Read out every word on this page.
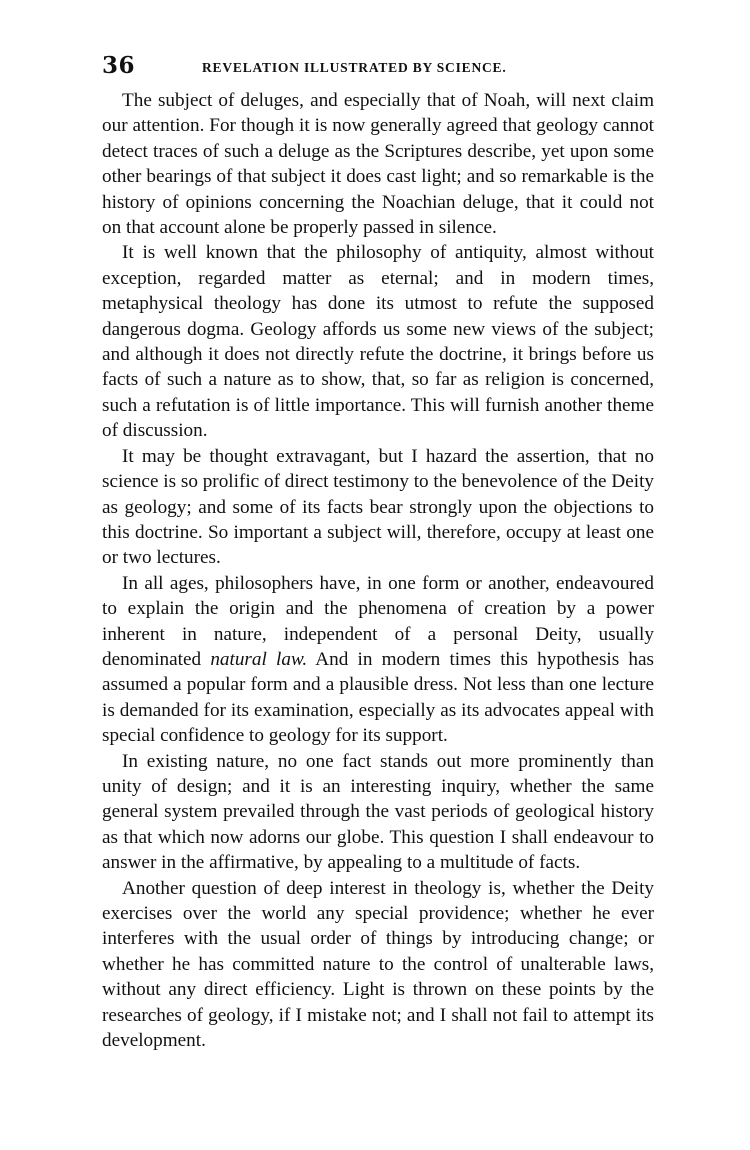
36	REVELATION ILLUSTRATED BY SCIENCE.

The subject of deluges, and especially that of Noah, will next claim our attention. For though it is now generally agreed that geology cannot detect traces of such a deluge as the Scriptures describe, yet upon some other bearings of that subject it does cast light; and so remarkable is the history of opinions concerning the Noachian deluge, that it could not on that account alone be properly passed in silence.

It is well known that the philosophy of antiquity, almost without exception, regarded matter as eternal; and in modern times, metaphysical theology has done its utmost to refute the supposed dangerous dogma. Geology affords us some new views of the subject; and although it does not directly refute the doctrine, it brings before us facts of such a nature as to show, that, so far as religion is concerned, such a refutation is of little importance. This will furnish another theme of discussion.

It may be thought extravagant, but I hazard the assertion, that no science is so prolific of direct testimony to the benevolence of the Deity as geology; and some of its facts bear strongly upon the objections to this doctrine. So important a subject will, therefore, occupy at least one or two lectures.

In all ages, philosophers have, in one form or another, endeavoured to explain the origin and the phenomena of creation by a power inherent in nature, independent of a personal Deity, usually denominated natural law. And in modern times this hypothesis has assumed a popular form and a plausible dress. Not less than one lecture is demanded for its examination, especially as its advocates appeal with special confidence to geology for its support.

In existing nature, no one fact stands out more prominently than unity of design; and it is an interesting inquiry, whether the same general system prevailed through the vast periods of geological history as that which now adorns our globe. This question I shall endeavour to answer in the affirmative, by appealing to a multitude of facts.

Another question of deep interest in theology is, whether the Deity exercises over the world any special providence; whether he ever interferes with the usual order of things by introducing change; or whether he has committed nature to the control of unalterable laws, without any direct efficiency. Light is thrown on these points by the researches of geology, if I mistake not; and I shall not fail to attempt its development.
